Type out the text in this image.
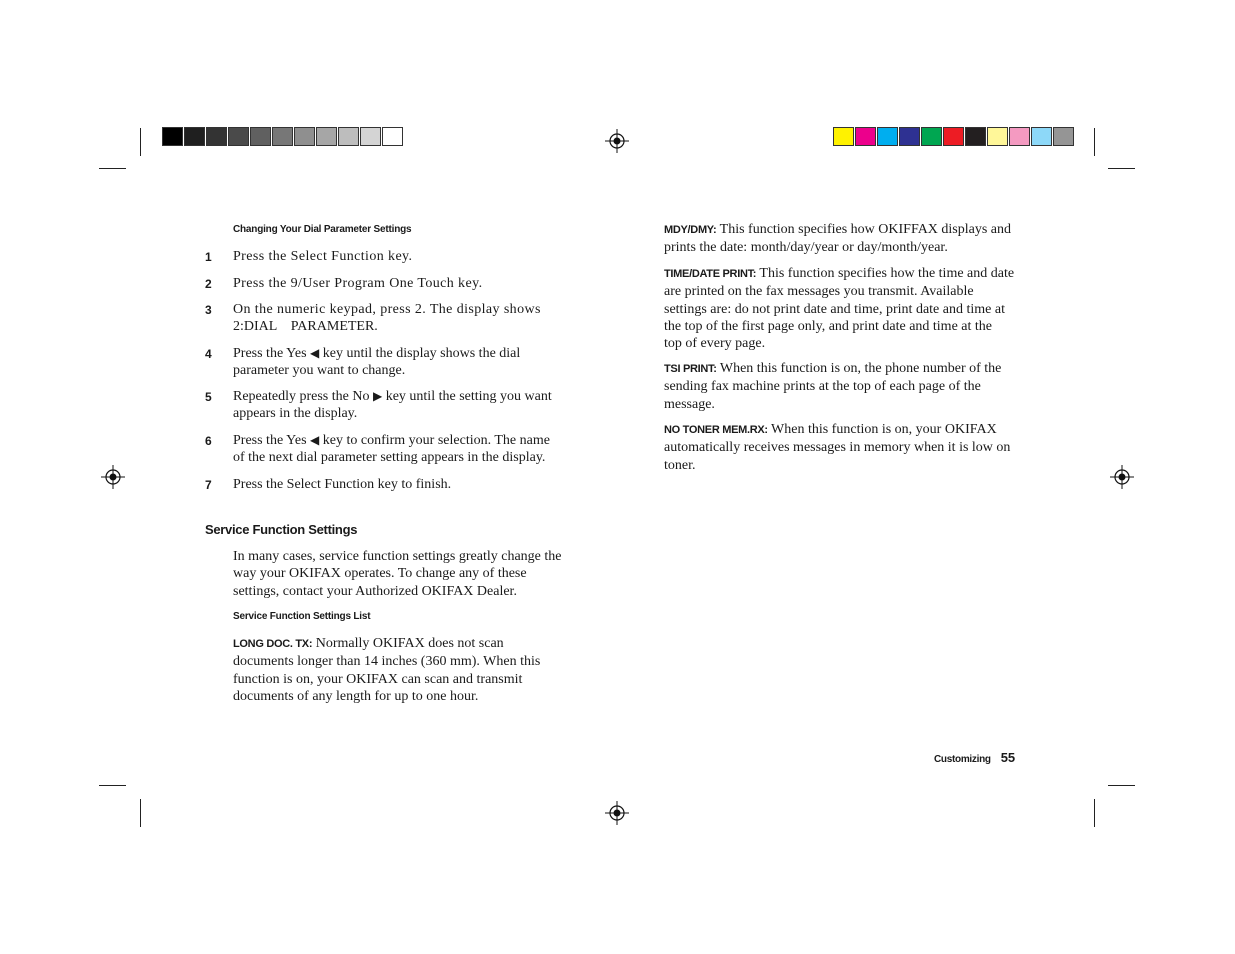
Changing Your Dial Parameter Settings
1 Press the Select Function key.
2 Press the 9/User Program One Touch key.
3 On the numeric keypad, press 2. The display shows
2:DIAL    PARAMETER.
4 Press the Yes ◀ key until the display shows the dial
parameter you want to change.
5 Repeatedly press the No ▶ key until the setting you want
appears in the display.
6 Press the Yes ◀ key to confirm your selection. The name
of the next dial parameter setting appears in the display.
7 Press the Select Function key to finish.
Service Function Settings
In many cases, service function settings greatly change the
way your OKIFAX operates. To change any of these
settings, contact your Authorized OKIFAX Dealer.
Service Function Settings List
LONG DOC. TX: Normally OKIFAX does not scan
documents longer than 14 inches (360 mm). When this
function is on, your OKIFAX can scan and transmit
documents of any length for up to one hour.
MDY/DMY: This function specifies how OKIFFAX displays and
prints the date: month/day/year or day/month/year.
TIME/DATE PRINT: This function specifies how the time and date
are printed on the fax messages you transmit. Available
settings are: do not print date and time, print date and time at
the top of the first page only, and print date and time at the
top of every page.
TSI PRINT: When this function is on, the phone number of the
sending fax machine prints at the top of each page of the
message.
NO TONER MEM.RX: When this function is on, your OKIFAX
automatically receives messages in memory when it is low on
toner.
Customizing 55
